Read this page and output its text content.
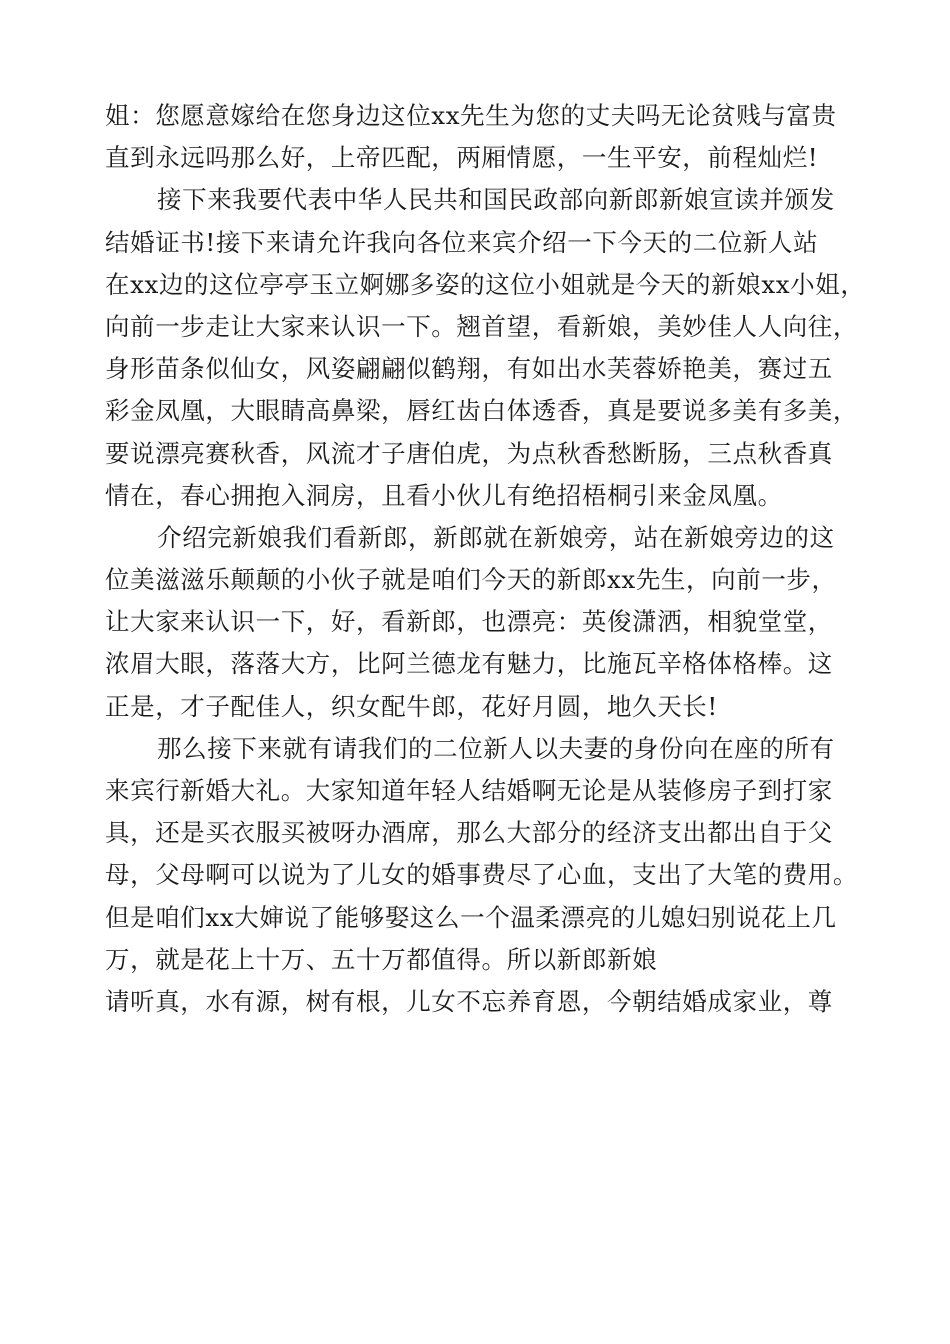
姐：您愿意嫁给在您身边这位xx先生为您的丈夫吗无论贫贱与富贵
直到永远吗那么好，上帝匹配，两厢情愿，一生平安，前程灿烂!
接下来我要代表中华人民共和国民政部向新郎新娘宣读并颁发
结婚证书!接下来请允许我向各位来宾介绍一下今天的二位新人站
在xx边的这位亭亭玉立婀娜多姿的这位小姐就是今天的新娘xx小姐，
向前一步走让大家来认识一下。翘首望，看新娘，美妙佳人人向往，
身形苗条似仙女，风姿翩翩似鹤翔，有如出水芙蓉娇艳美，赛过五
彩金凤凰，大眼睛高鼻梁，唇红齿白体透香，真是要说多美有多美，
要说漂亮赛秋香，风流才子唐伯虎，为点秋香愁断肠，三点秋香真
情在，春心拥抱入洞房，且看小伙儿有绝招梧桐引来金凤凰。
介绍完新娘我们看新郎，新郎就在新娘旁，站在新娘旁边的这
位美滋滋乐颠颠的小伙子就是咱们今天的新郎xx先生，向前一步，
让大家来认识一下，好，看新郎，也漂亮：英俊潇洒，相貌堂堂，
浓眉大眼，落落大方，比阿兰德龙有魅力，比施瓦辛格体格棒。这
正是，才子配佳人，织女配牛郎，花好月圆，地久天长!
那么接下来就有请我们的二位新人以夫妻的身份向在座的所有
来宾行新婚大礼。大家知道年轻人结婚啊无论是从装修房子到打家
具，还是买衣服买被呀办酒席，那么大部分的经济支出都出自于父
母，父母啊可以说为了儿女的婚事费尽了心血，支出了大笔的费用。
但是咱们xx大婶说了能够娶这么一个温柔漂亮的儿媳妇别说花上几
万，就是花上十万、五十万都值得。所以新郎新娘
请听真，水有源，树有根，儿女不忘养育恩，今朝结婚成家业，尊
